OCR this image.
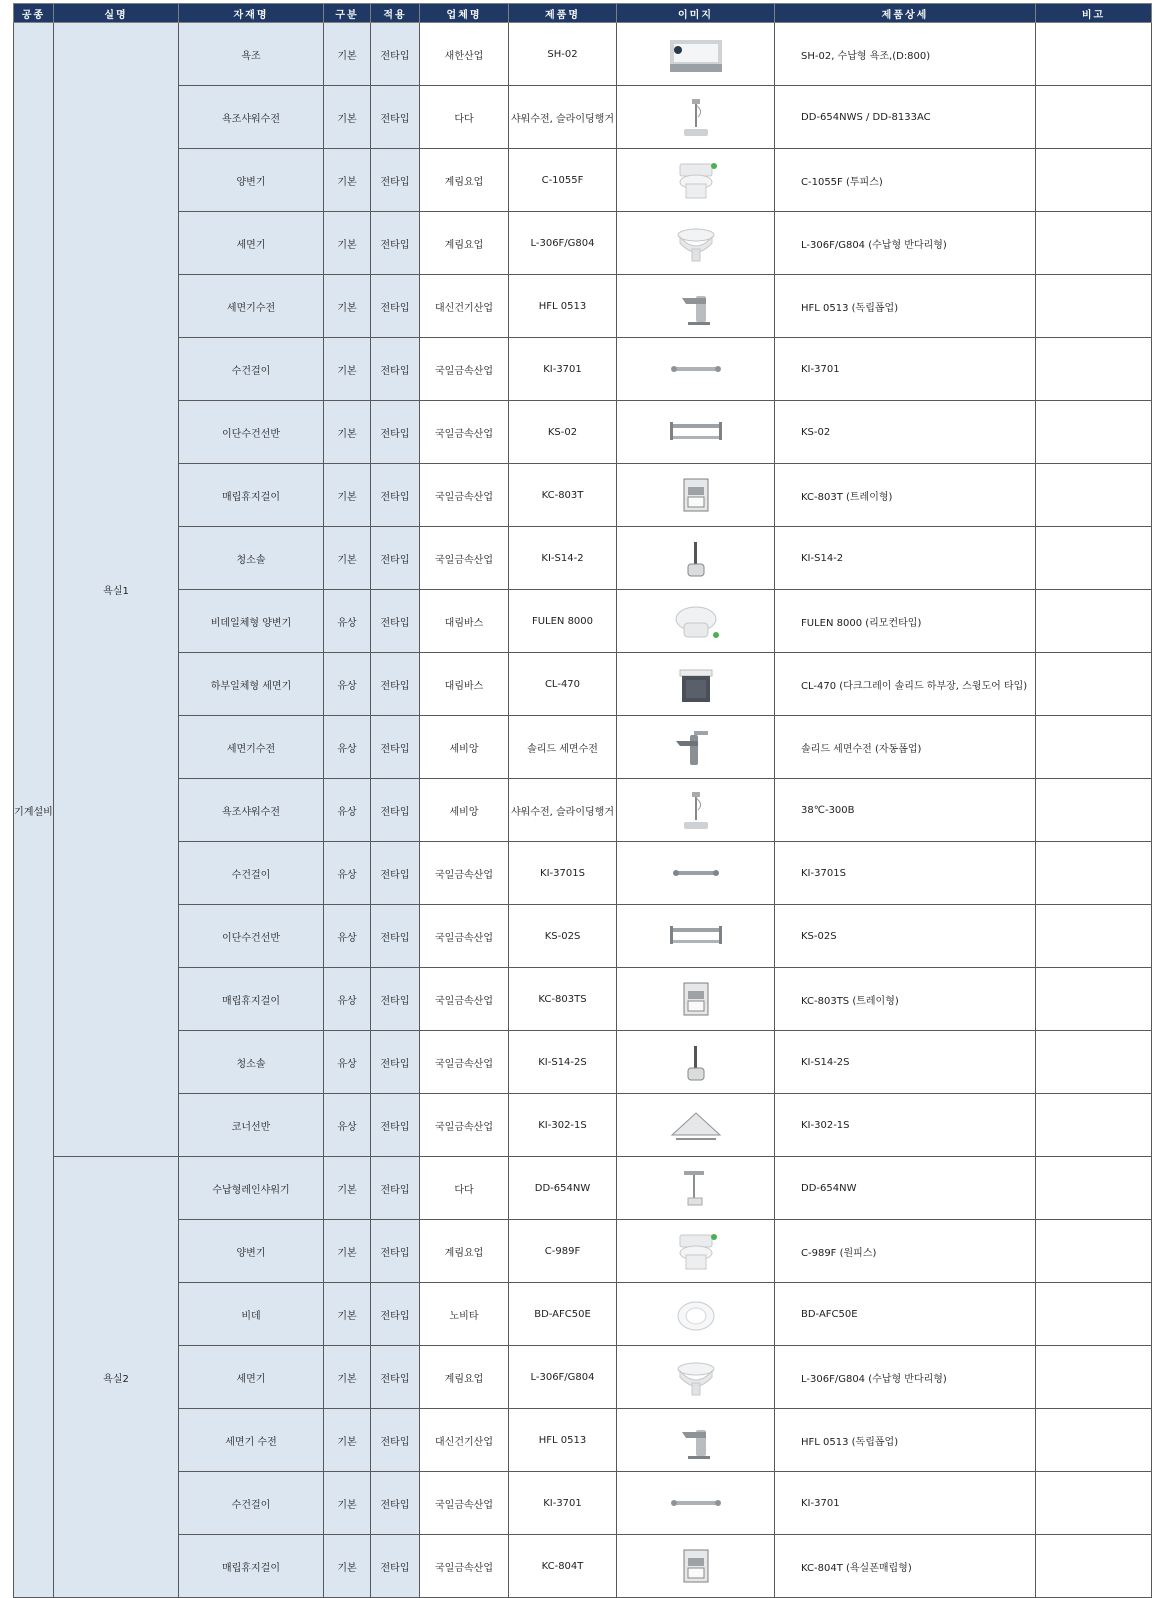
공종	실명	자재명	구분	적용	업체명	제품명	이미지	제품상세	비고
기계설비	욕실1	욕조	기본	전타입	새한산업	SH-02		SH-02, 수납형 욕조,(D:800)	
		욕조샤워수전	기본	전타입	다다	샤워수전, 슬라이딩행거		DD-654NWS / DD-8133AC	
		양변기	기본	전타입	계림요업	C-1055F		C-1055F (투피스)	
		세면기	기본	전타입	계림요업	L-306F/G804		L-306F/G804 (수납형 반다리형)	
		세면기수전	기본	전타입	대신건기산업	HFL 0513		HFL 0513 (독립폽업)	
		수건걸이	기본	전타입	국일금속산업	KI-3701		KI-3701	
		이단수건선반	기본	전타입	국일금속산업	KS-02		KS-02	
		매립휴지걸이	기본	전타입	국일금속산업	KC-803T		KC-803T (트레이형)	
		청소솔	기본	전타입	국일금속산업	KI-S14-2		KI-S14-2	
		비데일체형 양변기	유상	전타입	대림바스	FULEN 8000		FULEN 8000 (리모컨타입)	
		하부일체형 세면기	유상	전타입	대림바스	CL-470		CL-470 (다크그레이 솔리드 하부장, 스윙도어 타입)	
		세면기수전	유상	전타입	세비앙	솔리드 세면수전		솔리드 세면수전 (자동폽업)	
		욕조샤워수전	유상	전타입	세비앙	샤워수전, 슬라이딩행거		38℃-300B	
		수건걸이	유상	전타입	국일금속산업	KI-3701S		KI-3701S	
		이단수건선반	유상	전타입	국일금속산업	KS-02S		KS-02S	
		매립휴지걸이	유상	전타입	국일금속산업	KC-803TS		KC-803TS (트레이형)	
		청소솔	유상	전타입	국일금속산업	KI-S14-2S		KI-S14-2S	
		코너선반	유상	전타입	국일금속산업	KI-302-1S		KI-302-1S	
	욕실2	수납형레인샤워기	기본	전타입	다다	DD-654NW		DD-654NW	
		양변기	기본	전타입	계림요업	C-989F		C-989F (원피스)	
		비데	기본	전타입	노비타	BD-AFC50E		BD-AFC50E	
		세면기	기본	전타입	계림요업	L-306F/G804		L-306F/G804 (수납형 반다리형)	
		세면기 수전	기본	전타입	대신건기산업	HFL 0513		HFL 0513 (독립폽업)	
		수건걸이	기본	전타입	국일금속산업	KI-3701		KI-3701	
		매립휴지걸이	기본	전타입	국일금속산업	KC-804T		KC-804T (욕실폰매립형)	
